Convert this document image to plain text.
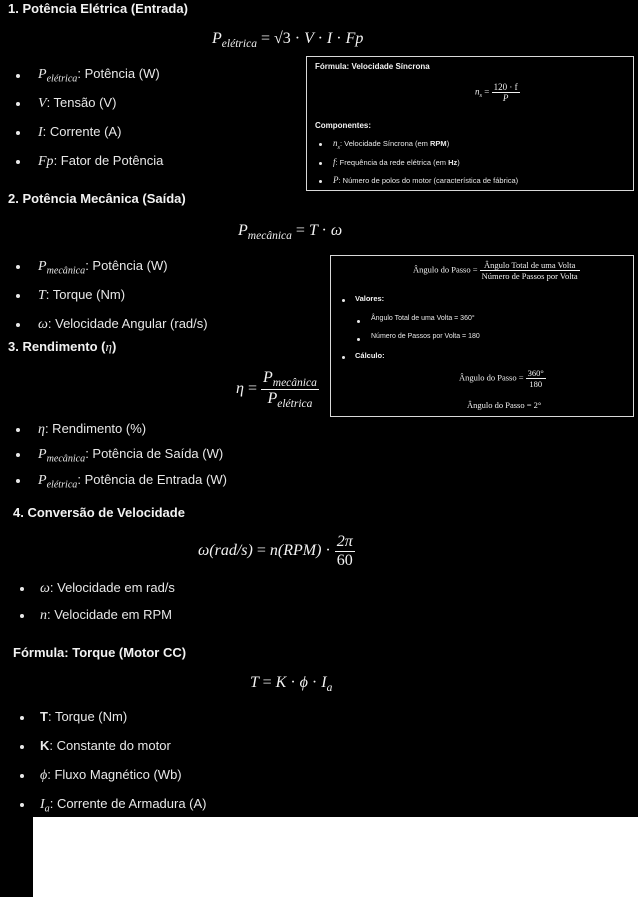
1. Potência Elétrica (Entrada)
$P_{elétrica} = √3 \cdot V \cdot I \cdot Fp$
$P_{elétrica}$: Potência (W)
V: Tensão (V)
I: Corrente (A)
Fp: Fator de Potência
Fórmula: Velocidade Síncrona
$n_s = \frac{120 \cdot f}{P}$
Componentes:
$n_s$: Velocidade Síncrona (em RPM)
f: Frequência da rede elétrica (em Hz)
P: Número de polos do motor (característica de fábrica)
2. Potência Mecânica (Saída)
$P_{mecânica} = T \cdot \omega$
$P_{mecânica}$: Potência (W)
T: Torque (Nm)
ω: Velocidade Angular (rad/s)
Ângulo do Passo = $\frac{\text{Ângulo Total de uma Volta}}{\text{Número de Passos por Volta}}$
Valores:
Ângulo Total de uma Volta = 360°
Número de Passos por Volta = 180
Cálculo:
Ângulo do Passo = $\frac{360^\circ}{180}$
Ângulo do Passo = 2°
3. Rendimento (η)
$\eta = \frac{P_{mecânica}}{P_{elétrica}}$
η: Rendimento (%)
$P_{mecânica}$: Potência de Saída (W)
$P_{elétrica}$: Potência de Entrada (W)
4. Conversão de Velocidade
$\omega(rad/s) = n(RPM) \cdot \frac{2\pi}{60}$
ω: Velocidade em rad/s
n: Velocidade em RPM
Fórmula: Torque (Motor CC)
$T = K \cdot \phi \cdot I_a$
T: Torque (Nm)
K: Constante do motor
ϕ: Fluxo Magnético (Wb)
$I_a$: Corrente de Armadura (A)
